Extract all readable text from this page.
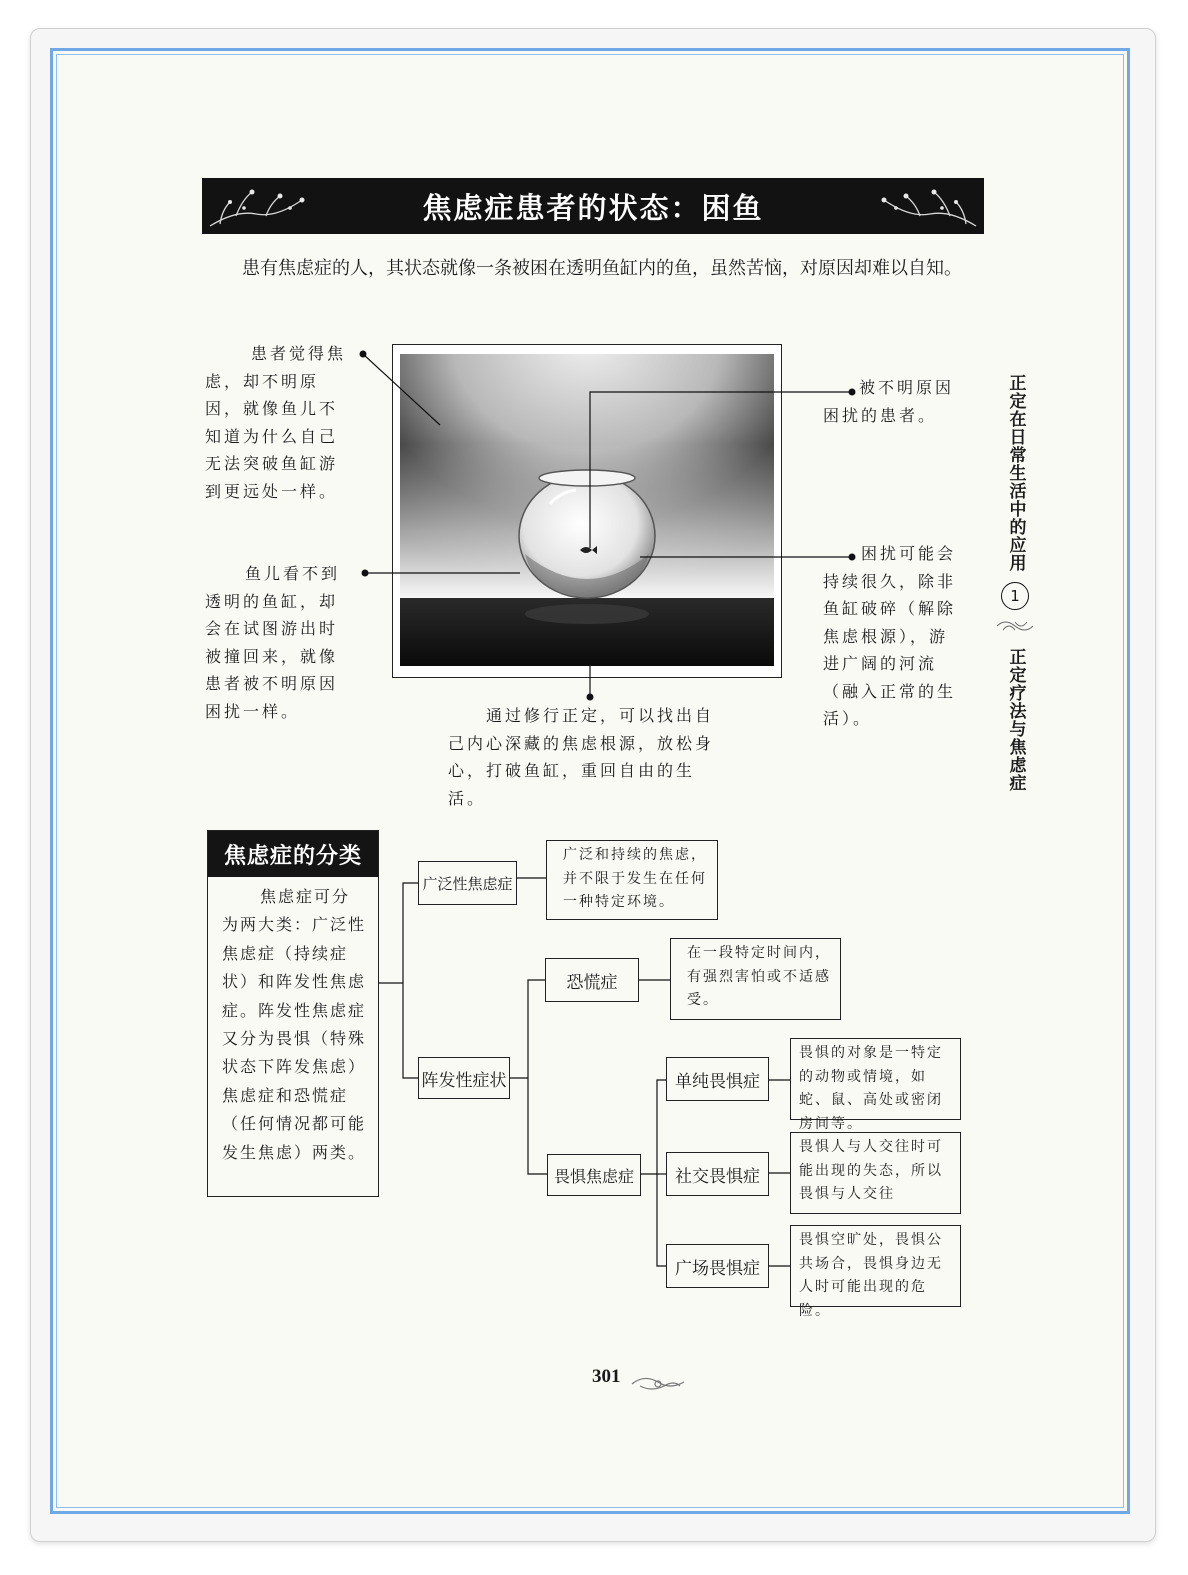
焦虑症患者的状态：困鱼

患有焦虑症的人，其状态就像一条被困在透明鱼缸内的鱼，虽然苦恼，对原因却难以自知。

患者觉得焦虑，却不明原因，就像鱼儿不知道为什么自己无法突破鱼缸游到更远处一样。

鱼儿看不到透明的鱼缸，却会在试图游出时被撞回来，就像患者被不明原因困扰一样。

被不明原因困扰的患者。

困扰可能会持续很久，除非鱼缸破碎（解除焦虑根源），游进广阔的河流（融入正常的生活）。

通过修行正定，可以找出自己内心深藏的焦虑根源，放松身心，打破鱼缸，重回自由的生活。

正定在日常生活中的应用
1
正定疗法与焦虑症
焦虑症的分类

焦虑症可分为两大类：广泛性焦虑症（持续症状）和阵发性焦虑症。阵发性焦虑症又分为畏惧（特殊状态下阵发焦虑）焦虑症和恐慌症（任何情况都可能发生焦虑）两类。

广泛性焦虑症
阵发性症状
恐慌症
畏惧焦虑症
单纯畏惧症
社交畏惧症
广场畏惧症

广泛和持续的焦虑，并不限于发生在任何一种特定环境。

在一段特定时间内，有强烈害怕或不适感受。

畏惧的对象是一特定的动物或情境，如蛇、鼠、高处或密闭房间等。

畏惧人与人交往时可能出现的失态，所以畏惧与人交往

畏惧空旷处，畏惧公共场合，畏惧身边无人时可能出现的危险。

301
